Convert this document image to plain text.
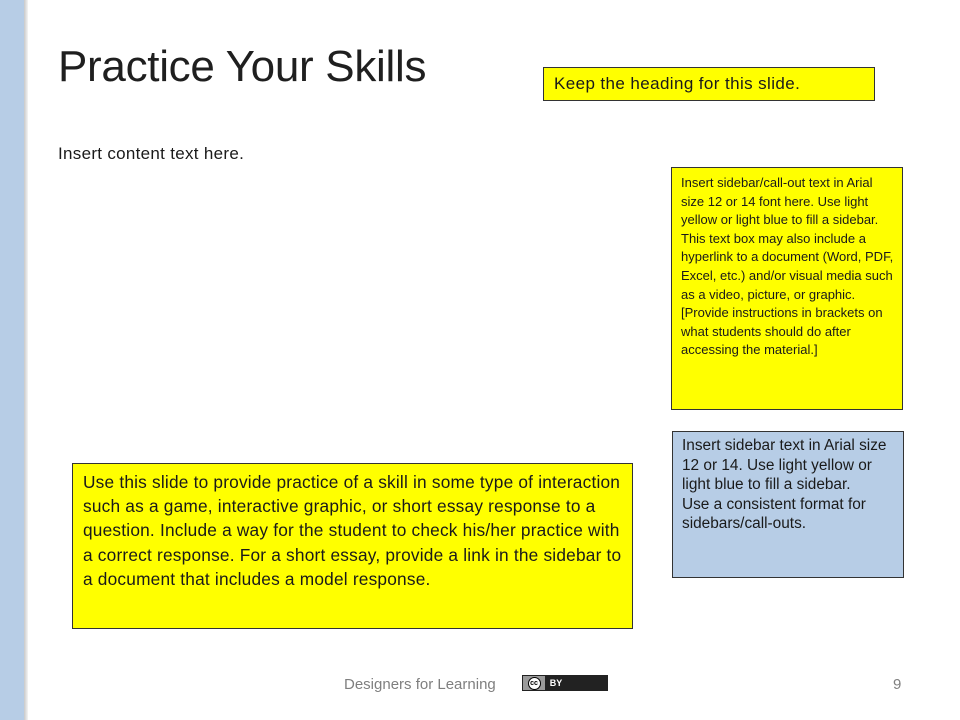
Practice Your Skills	Keep the heading for this slide.
Insert content text here.
Insert sidebar/call-out text in Arial size 12 or 14 font here. Use light yellow or light blue to fill a sidebar. This text box may also include a hyperlink to a document (Word, PDF, Excel, etc.) and/or visual media such as a video, picture, or graphic. [Provide instructions in brackets on what students should do after accessing the material.]

Insert sidebar text in Arial size 12 or 14. Use light yellow or light blue to fill a sidebar.

Use a consistent format for sidebars/call-outs.

Use this slide to provide practice of a skill in some type of interaction such as a game, interactive graphic, or short essay response to a question. Include a way for the student to check his/her practice with a correct response. For a short essay, provide a link in the sidebar to a document that includes a model response.
Designers for Learning	cc	BY	9
